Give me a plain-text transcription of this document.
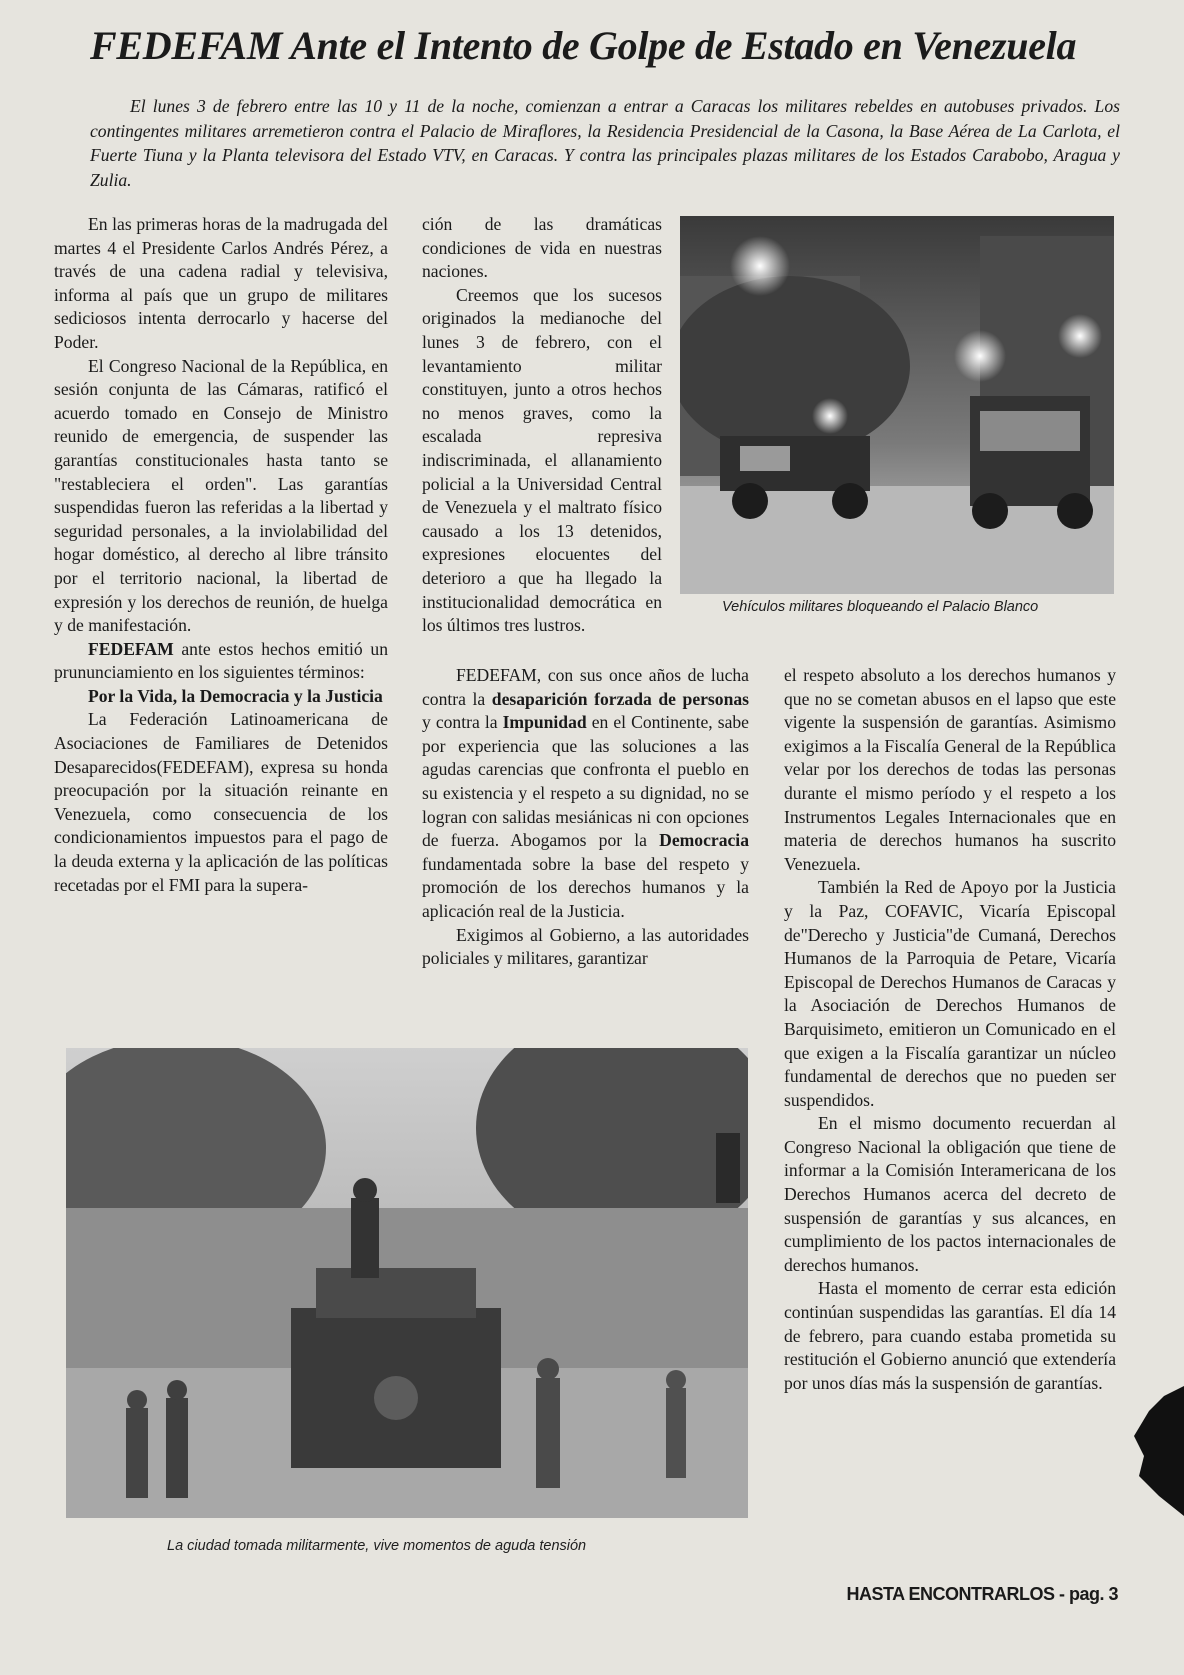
FEDEFAM Ante el Intento de Golpe de Estado en Venezuela
El lunes 3 de febrero entre las 10 y 11 de la noche, comienzan a entrar a Caracas los militares rebeldes en autobuses privados. Los contingentes militares arremetieron contra el Palacio de Miraflores, la Residencia Presidencial de la Casona, la Base Aérea de La Carlota, el Fuerte Tiuna y la Planta televisora del Estado VTV, en Caracas. Y contra las principales plazas militares de los Estados Carabobo, Aragua y Zulia.

En las primeras horas de la madrugada del martes 4 el Presidente Carlos Andrés Pérez, a través de una cadena radial y televisiva, informa al país que un grupo de militares sediciosos intenta derrocarlo y hacerse del Poder.

El Congreso Nacional de la República, en sesión conjunta de las Cámaras, ratificó el acuerdo tomado en Consejo de Ministro reunido de emergencia, de suspender las garantías constitucionales hasta tanto se "restableciera el orden". Las garantías suspendidas fueron las referidas a la libertad y seguridad personales, a la inviolabilidad del hogar doméstico, al derecho al libre tránsito por el territorio nacional, la libertad de expresión y los derechos de reunión, de huelga y de manifestación.

FEDEFAM ante estos hechos emitió un prununciamiento en los siguientes términos:

Por la Vida, la Democracia y la Justicia

La Federación Latinoamericana de Asociaciones de Familiares de Detenidos Desaparecidos(FEDEFAM), expresa su honda preocupación por la situación reinante en Venezuela, como consecuencia de los condicionamientos impuestos para el pago de la deuda externa y la aplicación de las políticas recetadas por el FMI para la supera-

ción de las dramáticas condiciones de vida en nuestras naciones.

Creemos que los sucesos originados la medianoche del lunes 3 de febrero, con el levantamiento militar constituyen, junto a otros hechos no menos graves, como la escalada represiva indiscriminada, el allanamiento policial a la Universidad Central de Venezuela y el maltrato físico causado a los 13 detenidos, expresiones elocuentes del deterioro a que ha llegado la institucionalidad democrática en los últimos tres lustros.

FEDEFAM, con sus once años de lucha contra la desaparición forzada de personas y contra la Impunidad en el Continente, sabe por experiencia que las soluciones a las agudas carencias que confronta el pueblo en su existencia y el respeto a su dignidad, no se logran con salidas mesiánicas ni con opciones de fuerza. Abogamos por la Democracia fundamentada sobre la base del respeto y promoción de los derechos humanos y la aplicación real de la Justicia.

Exigimos al Gobierno, a las autoridades policiales y militares, garantizar

el respeto absoluto a los derechos humanos y que no se cometan abusos en el lapso que este vigente la suspensión de garantías. Asimismo exigimos a la Fiscalía General de la República velar por los derechos de todas las personas durante el mismo período y el respeto a los Instrumentos Legales Internacionales que en materia de derechos humanos ha suscrito Venezuela.

También la Red de Apoyo por la Justicia y la Paz, COFAVIC, Vicaría Episcopal de"Derecho y Justicia"de Cumaná, Derechos Humanos de la Parroquia de Petare, Vicaría Episcopal de Derechos Humanos de Caracas y la Asociación de Derechos Humanos de Barquisimeto, emitieron un Comunicado en el que exigen a la Fiscalía garantizar un núcleo fundamental de derechos que no pueden ser suspendidos.

En el mismo documento recuerdan al Congreso Nacional la obligación que tiene de informar a la Comisión Interamericana de los Derechos Humanos acerca del decreto de suspensión de garantías y sus alcances, en cumplimiento de los pactos internacionales de derechos humanos.

Hasta el momento de cerrar esta edición continúan suspendidas las garantías. El día 14 de febrero, para cuando estaba prometida su restitución el Gobierno anunció que extendería por unos días más la suspensión de garantías.

Vehículos militares bloqueando el Palacio Blanco
La ciudad tomada militarmente, vive momentos de aguda tensión
HASTA ENCONTRARLOS - pag. 3
